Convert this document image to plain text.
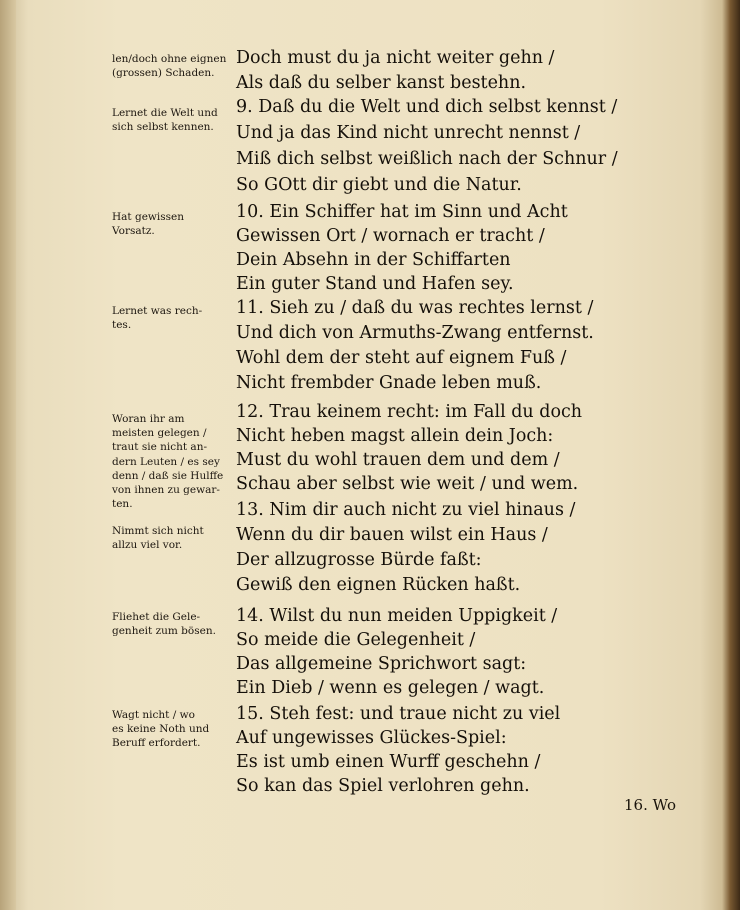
len/doch ohne eignen
(grossen) Schaden.
Doch must du ja nicht weiter gehn /
Als daß du selber kanst bestehn.
Lernet die Welt und
sich selbst kennen.
9. Daß du die Welt und dich selbst kennst /
Und ja das Kind nicht unrecht nennst /
Miß dich selbst weißlich nach der Schnur /
So GOtt dir giebt und die Natur.
Hat gewissen
Vorsatz.
10. Ein Schiffer hat im Sinn und Acht
Gewissen Ort / wornach er tracht /
Dein Absehn in der Schiffarten
Ein guter Stand und Hafen sey.
Lernet was rech-
tes.
11. Sieh zu / daß du was rechtes lernst /
Und dich von Armuths-Zwang entfernst.
Wohl dem der steht auf eignem Fuß /
Nicht frembder Gnade leben muß.
Woran ihr am
meisten gelegen /
traut sie nicht an-
dern Leuten / es sey
denn / daß sie Hulffe
von ihnen zu gewar-
ten.
12. Trau keinem recht: im Fall du doch
Nicht heben magst allein dein Joch:
Must du wohl trauen dem und dem /
Schau aber selbst wie weit / und wem.
Nimmt sich nicht
allzu viel vor.
13. Nim dir auch nicht zu viel hinaus /
Wenn du dir bauen wilst ein Haus /
Der allzugrosse Bürde faßt:
Gewiß den eignen Rücken haßt.
Fliehet die Gele-
genheit zum bösen.
14. Wilst du nun meiden Uppigkeit /
So meide die Gelegenheit /
Das allgemeine Sprichwort sagt:
Ein Dieb / wenn es gelegen / wagt.
Wagt nicht / wo
es keine Noth und
Beruff erfordert.
15. Steh fest: und traue nicht zu viel
Auf ungewisses Glückes-Spiel:
Es ist umb einen Wurff geschehn /
So kan das Spiel verlohren gehn.
16. Wo
